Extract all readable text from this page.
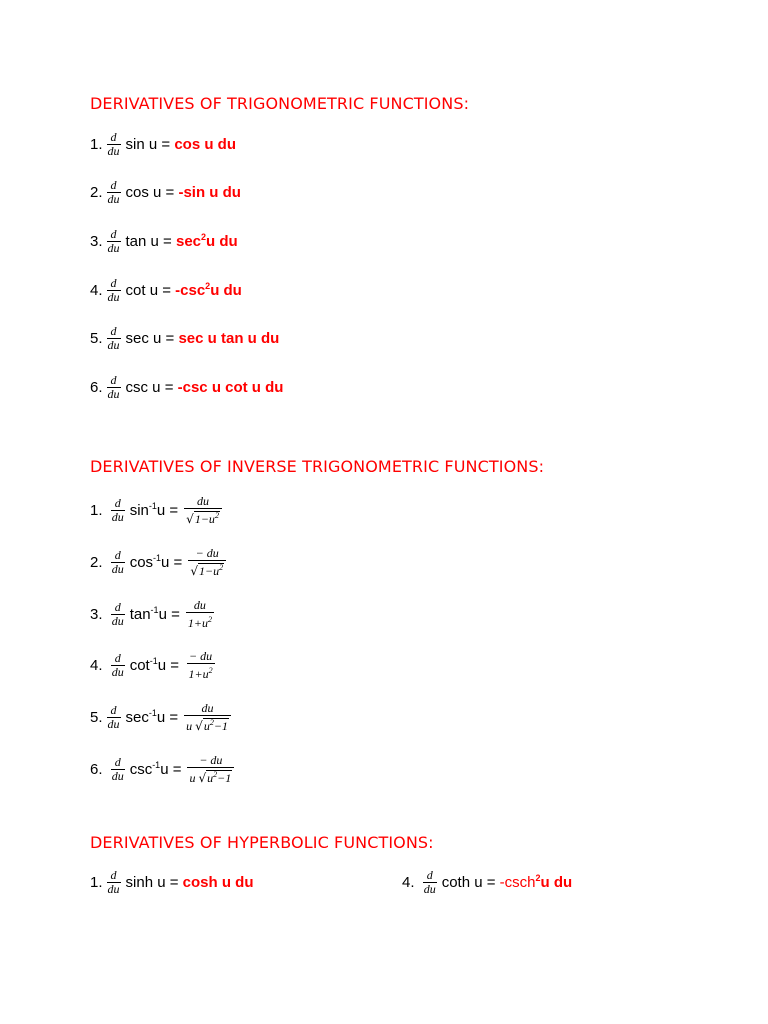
DERIVATIVES OF TRIGONOMETRIC FUNCTIONS:
1. $\frac{d}{du}$ sin u =
cos u du
2. $\frac{d}{du}$ cos u =
-sin u du
3. $\frac{d}{du}$ tan u =
$\sec^2u$ du
4. $\frac{d}{du}$ cot u =
$-\csc^2u$ du
5. $\frac{d}{du}$ sec u =
sec u tan u du
6. $\frac{d}{du}$ csc u =
-csc u cot u du
DERIVATIVES OF INVERSE TRIGONOMETRIC FUNCTIONS:
1.
$\frac{d}{du} \sin^{-1}u = \frac{du}{√1-u^2}$
2.
$\frac{d}{du} \cos^{-1}u = \frac{- du}{√1-u^2}$
3.
$\frac{d}{du} \tan^{-1}u = \frac{du}{1+u^2}$
4.
$\frac{d}{du} \cot^{-1}u = \frac{- du}{1+u^2}$
5. $\frac{d}{du} \sec^{-1}u = \frac{du}{u √u^2-1}$
6.
$\frac{d}{du} \csc^{-1}u = \frac{- du}{u √u^2-1}$
DERIVATIVES OF HYPERBOLIC FUNCTIONS:
1. $\frac{d}{du}$ sinh u =
cosh u du	4.
$\frac{d}{du}$ coth u =
-csch$^2$u du
